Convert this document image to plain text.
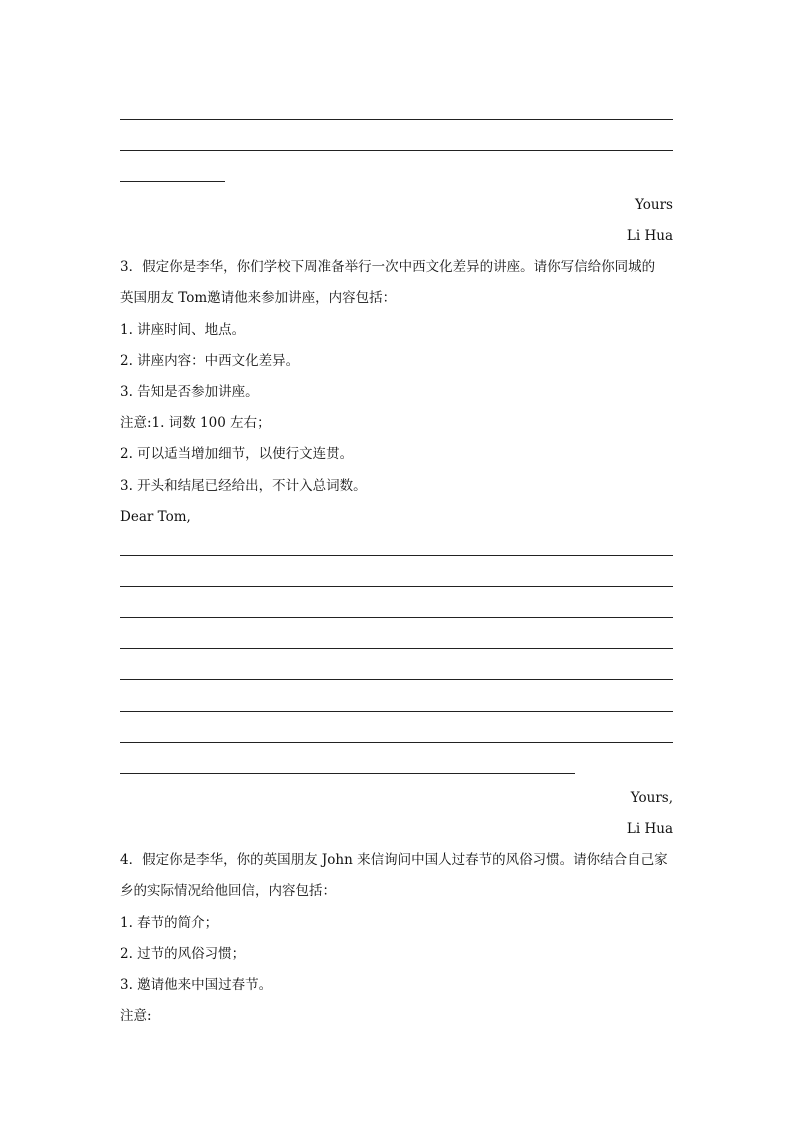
Yours
Li Hua
3．假定你是李华，你们学校下周准备举行一次中西文化差异的讲座。请你写信给你同城的
英国朋友 Tom邀请他来参加讲座，内容包括：
1. 讲座时间、地点。
2. 讲座内容：中西文化差异。
3. 告知是否参加讲座。
注意:1. 词数 100 左右；
2. 可以适当增加细节，以使行文连贯。
3. 开头和结尾已经给出，不计入总词数。
Dear Tom,
Yours,
Li Hua
4．假定你是李华，你的英国朋友 John 来信询问中国人过春节的风俗习惯。请你结合自己家
乡的实际情况给他回信，内容包括：
1. 春节的简介；
2. 过节的风俗习惯；
3. 邀请他来中国过春节。
注意:
